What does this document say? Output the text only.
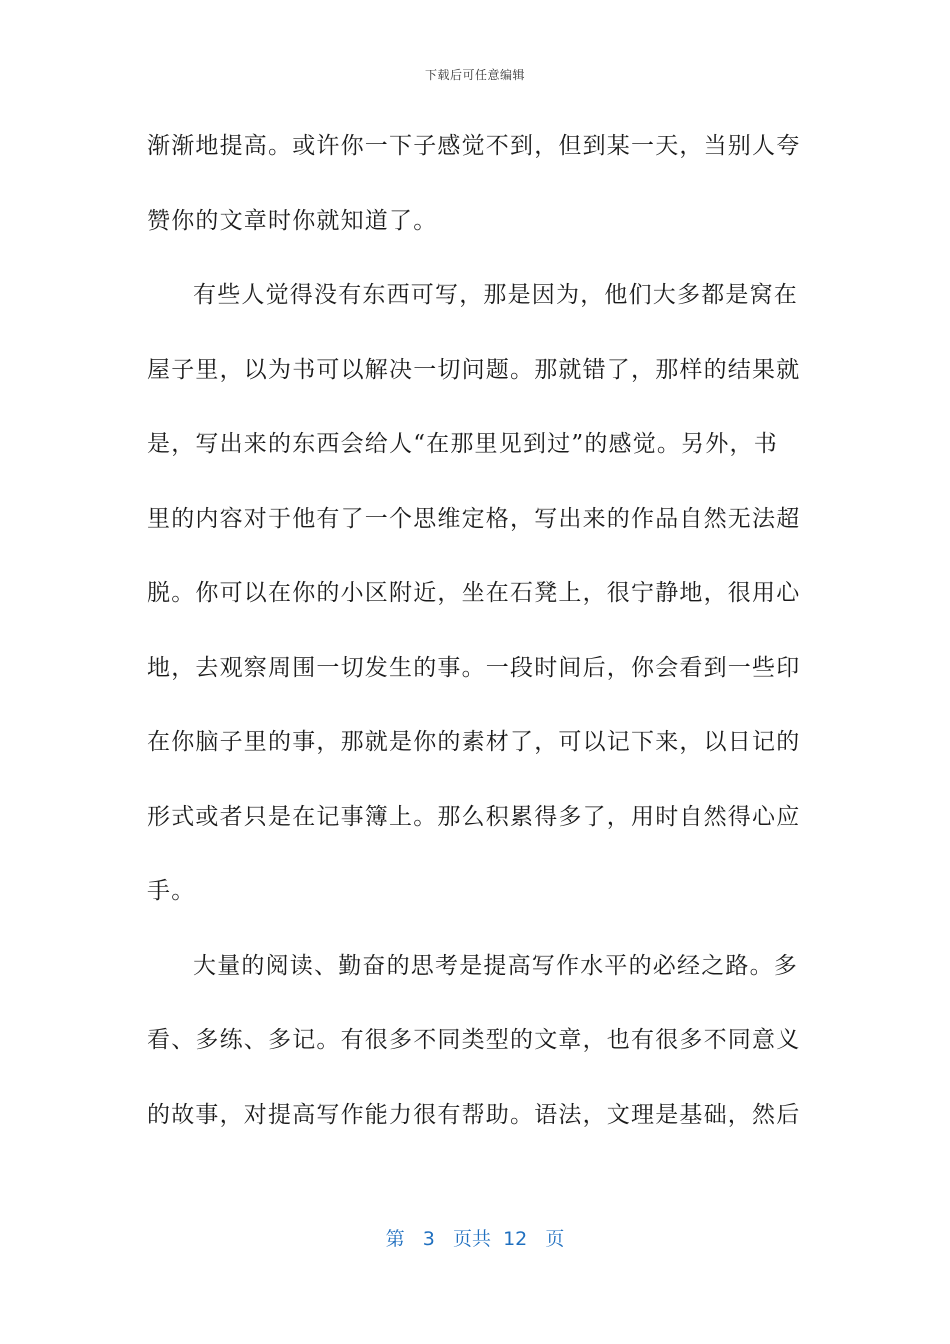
下载后可任意编辑
渐渐地提高。或许你一下子感觉不到，但到某一天，当别人夸
赞你的文章时你就知道了。
有些人觉得没有东西可写，那是因为，他们大多都是窝在
屋子里，以为书可以解决一切问题。那就错了，那样的结果就
是，写出来的东西会给人“在那里见到过”的感觉。另外，书
里的内容对于他有了一个思维定格，写出来的作品自然无法超
脱。你可以在你的小区附近，坐在石凳上，很宁静地，很用心
地，去观察周围一切发生的事。一段时间后，你会看到一些印
在你脑子里的事，那就是你的素材了，可以记下来，以日记的
形式或者只是在记事簿上。那么积累得多了，用时自然得心应
手。
大量的阅读、勤奋的思考是提高写作水平的必经之路。多
看、多练、多记。有很多不同类型的文章，也有很多不同意义
的故事，对提高写作能力很有帮助。语法，文理是基础，然后
第 3 页共 12 页
